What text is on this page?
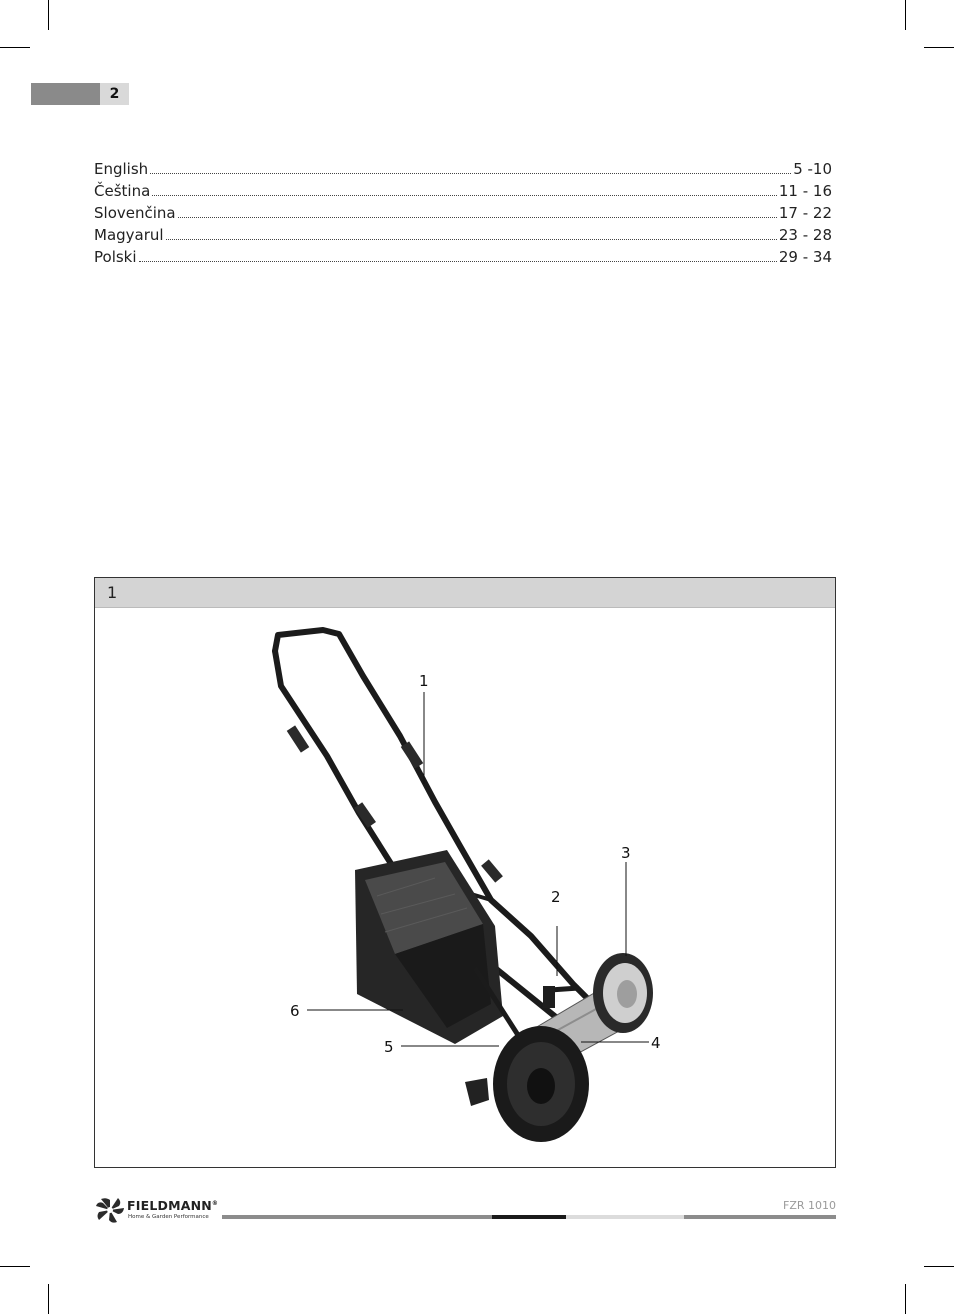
2
English	5 -10
Čeština	11 - 16
Slovenčina	17 - 22
Magyarul	23 - 28
Polski	29 - 34
1
1
2
3
4
5
6
FIELDMANN®
Home & Garden Performance
FZR 1010
